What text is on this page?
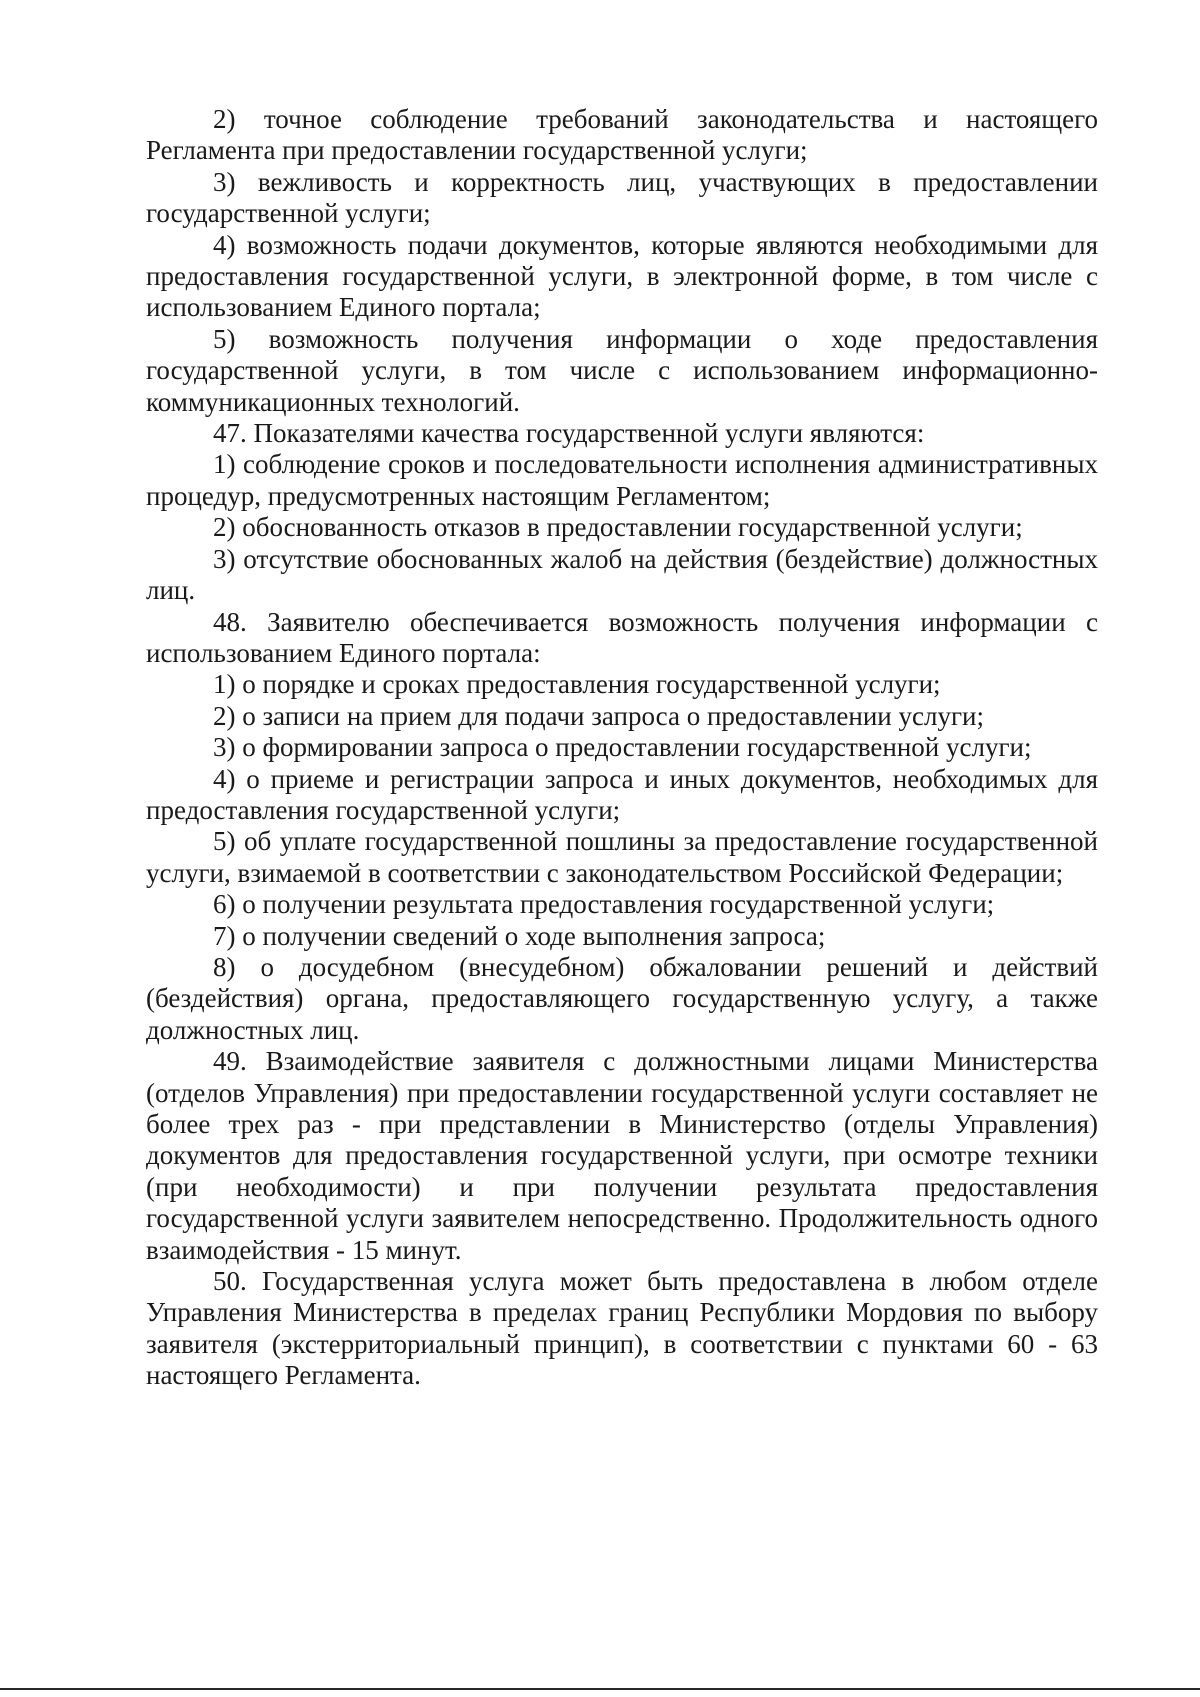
2) точное соблюдение требований законодательства и настоящего Регламента при предоставлении государственной услуги;

3) вежливость и корректность лиц, участвующих в предоставлении государственной услуги;

4) возможность подачи документов, которые являются необходимыми для предоставления государственной услуги, в электронной форме, в том числе с использованием Единого портала;

5) возможность получения информации о ходе предоставления государственной услуги, в том числе с использованием информационно-коммуникационных технологий.

47. Показателями качества государственной услуги являются:

1) соблюдение сроков и последовательности исполнения административных процедур, предусмотренных настоящим Регламентом;

2) обоснованность отказов в предоставлении государственной услуги;

3) отсутствие обоснованных жалоб на действия (бездействие) должностных лиц.

48. Заявителю обеспечивается возможность получения информации с использованием Единого портала:

1) о порядке и сроках предоставления государственной услуги;

2) о записи на прием для подачи запроса о предоставлении услуги;

3) о формировании запроса о предоставлении государственной услуги;

4) о приеме и регистрации запроса и иных документов, необходимых для предоставления государственной услуги;

5) об уплате государственной пошлины за предоставление государственной услуги, взимаемой в соответствии с законодательством Российской Федерации;

6) о получении результата предоставления государственной услуги;

7) о получении сведений о ходе выполнения запроса;

8) о досудебном (внесудебном) обжаловании решений и действий (бездействия) органа, предоставляющего государственную услугу, а также должностных лиц.

49. Взаимодействие заявителя с должностными лицами Министерства (отделов Управления) при предоставлении государственной услуги составляет не более трех раз - при представлении в Министерство (отделы Управления) документов для предоставления государственной услуги, при осмотре техники (при необходимости) и при получении результата предоставления государственной услуги заявителем непосредственно. Продолжительность одного взаимодействия - 15 минут.

50. Государственная услуга может быть предоставлена в любом отделе Управления Министерства в пределах границ Республики Мордовия по выбору заявителя (экстерриториальный принцип), в соответствии с пунктами 60 - 63 настоящего Регламента.
